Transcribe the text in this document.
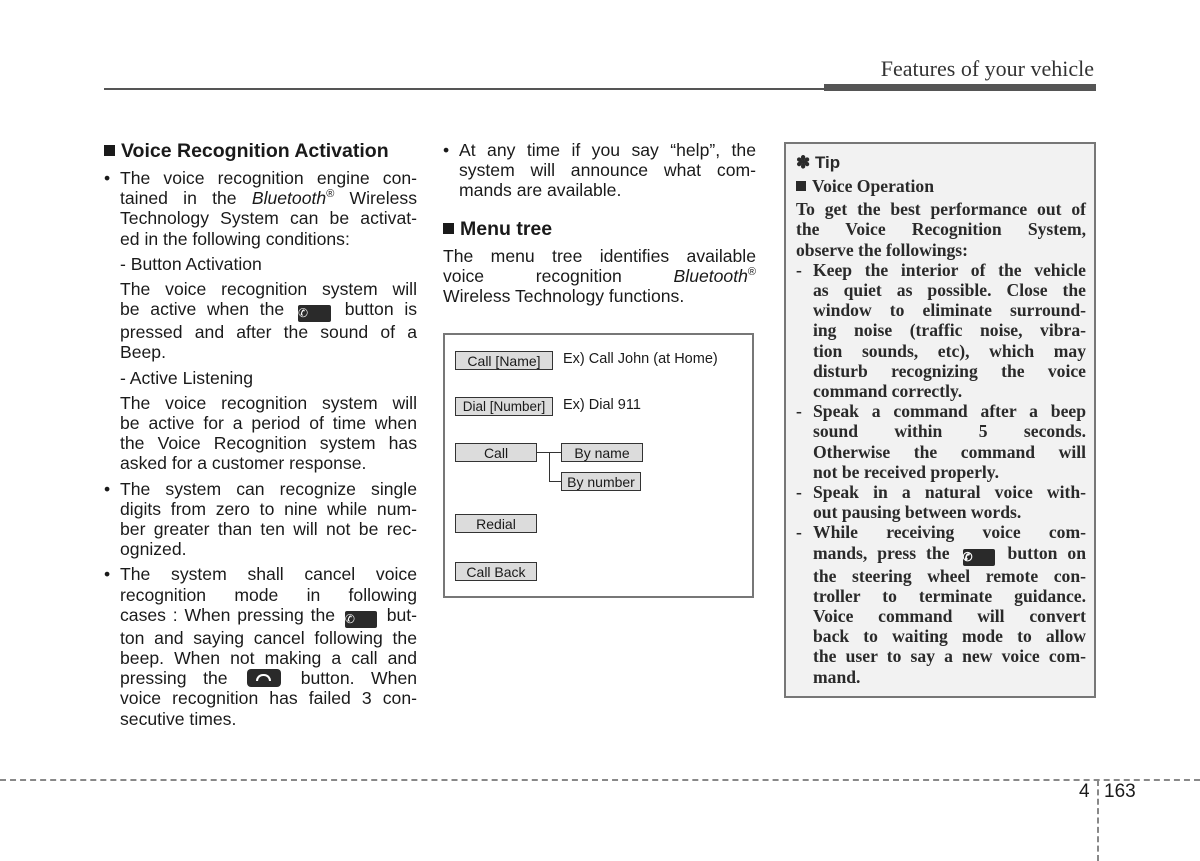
Features of your vehicle
Voice Recognition Activation
• The voice recognition engine con-
tained in the Bluetooth® Wireless
Technology System can be activat-
ed in the following conditions:
- Button Activation
The voice recognition system will
be active when the ✆ button is
pressed and after the sound of a
Beep.
- Active Listening
The voice recognition system will
be active for a period of time when
the Voice Recognition system has
asked for a customer response.
• The system can recognize single
digits from zero to nine while num-
ber greater than ten will not be rec-
ognized.
• The system shall cancel voice
recognition mode in following
cases : When pressing the ✆ but-
ton and saying cancel following the
beep. When not making a call and
pressing the	button. When
voice recognition has failed 3 con-
secutive times.
• At any time if you say “help”, the
system will announce what com-
mands are available.
Menu tree
The menu tree identifies available
voice recognition	Bluetooth®
Wireless Technology functions.
Call [Name]	Ex) Call John (at Home)
Dial [Number]	Ex) Dial 911
Call	By name
By number
Redial
Call Back
✽ Tip
Voice Operation
To get the best performance out of
the Voice Recognition System,
observe the followings:
- Keep the interior of the vehicle
as quiet as possible. Close the
window to eliminate surround-
ing noise (traffic noise, vibra-
tion sounds, etc), which may
disturb recognizing the voice
command correctly.
- Speak a command after a beep
sound within 5 seconds.
Otherwise the command will
not be received properly.
- Speak in a natural voice with-
out pausing between words.
- While receiving voice com-
mands, press the ✆ button on
the steering wheel remote con-
troller to terminate guidance.
Voice command will convert
back to waiting mode to allow
the user to say a new voice com-
mand.
4 163
